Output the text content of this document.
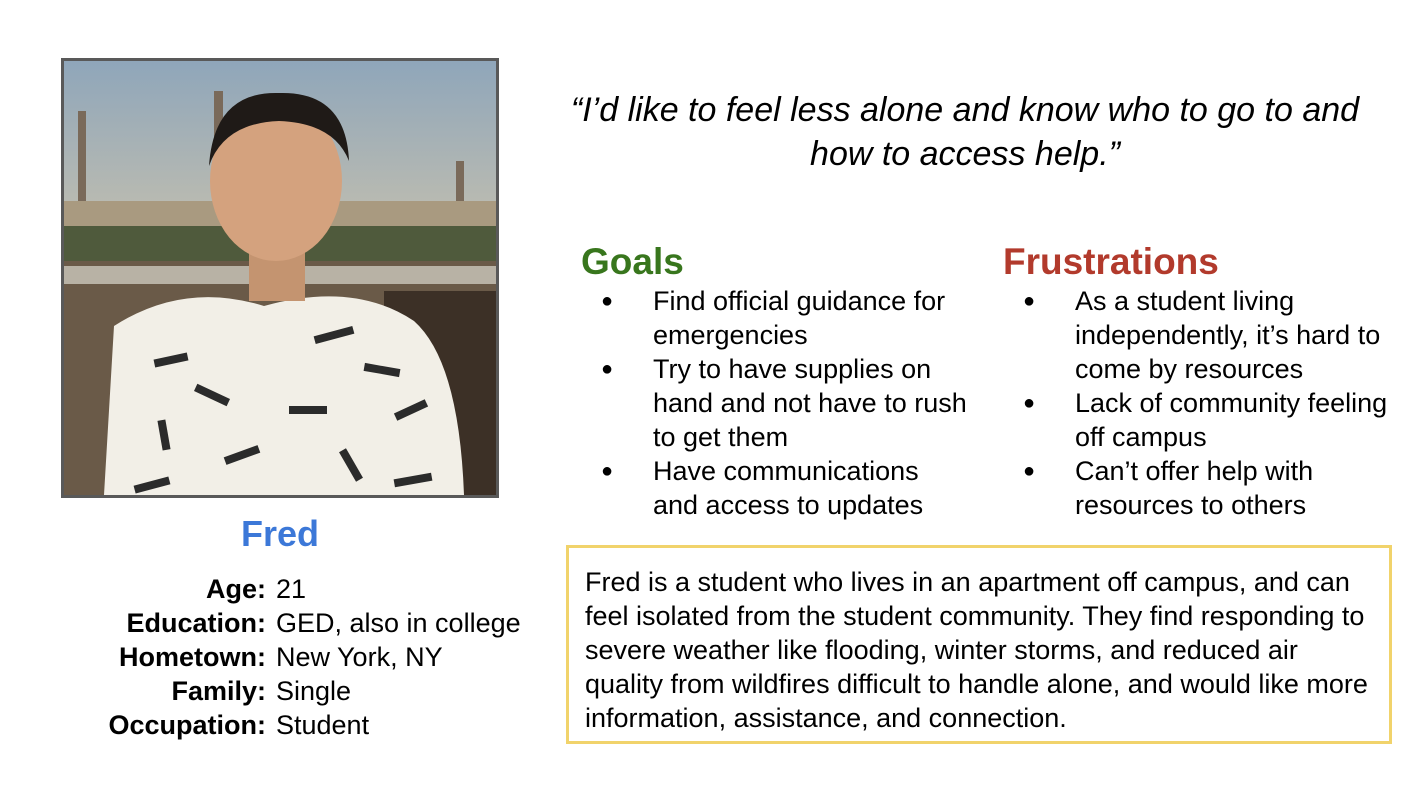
Fred
Age: 21
Education: GED, also in college
Hometown: New York, NY
Family: Single
Occupation: Student
“I’d like to feel less alone and know who to go to and how to access help.”
Goals
● Find official guidance for emergencies
● Try to have supplies on hand and not have to rush to get them
● Have communications and access to updates
Frustrations
● As a student living independently, it’s hard to come by resources
● Lack of community feeling off campus
● Can’t offer help with resources to others
Fred is a student who lives in an apartment off campus, and can feel isolated from the student community. They find responding to severe weather like flooding, winter storms, and reduced air quality from wildfires difficult to handle alone, and would like more information, assistance, and connection.
